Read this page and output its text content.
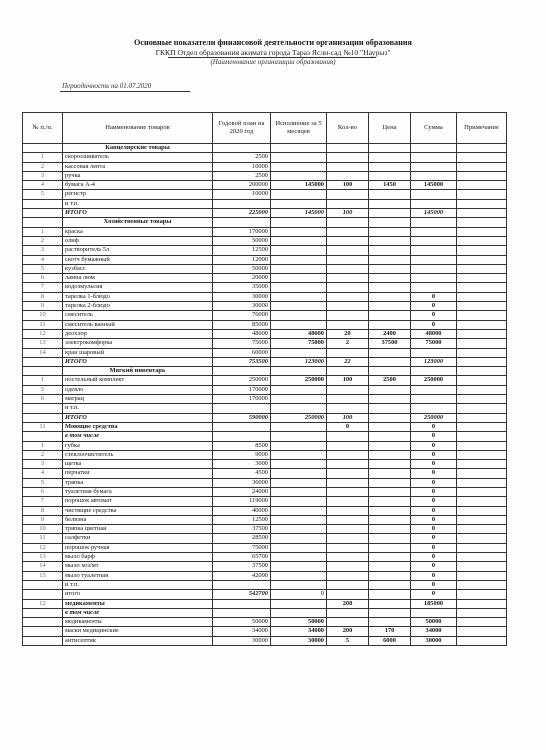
Основные показатели финансовой деятельности организации образования
ГККП Отдел образования акимата города Тараз Ясли-сад №10 "Наурыз"
(Наименование организации образования)
Периодичность на 01.07.2020
№ п./п.	Наименование товаров	Годовой план на 2020 год	Исполнение за 5 месяцев	Кол-во	Цена	Сумма	Примечание
	Канцелярские товары						
1	скоросшиватель	2500					
2	кассовая лента	10000					
3	ручка	2500					
4	бумага А-4	200000	145000	100	1450	145000	
5	регистр	10000					
	и т.п.						
	ИТОГО	225000	145000	100		145000	
	Хозяйственные товары						
1	краска	170000					
2	олиф	50000					
3	растворитель 5л	12500					
4	скотч бумажный	12000					
5	кузбасс	50000					
6	лампа люм	20000					
7	водоэмульсия	35000					
8	тарелка 1-блюдо	30000				0	
9	тарелка 2-блюдо	30000				0	
10	смеситель	76000				0	
11	смеситель ванный	85000				0	
12	деохлор	48000	48000	20	2400	48000	
13	электрокомфорка	75000	75000	2	37500	75000	
14	кран шаровый	60000					
	ИТОГО	753500	123000	22		123000	
	Мягкий инвентарь						
1	постельный комплект	250000	250000	100	2500	250000	
5	одеяло	170000					
6	матрац	170000					
	и т.п.						
	ИТОГО	590000	250000	100		250000	
11	Моющие средства			0		0	
	в том числе					0	
1	губка	8500				0	
2	стеклоочиститель	9000				0	
3	щетка	3000				0	
4	перчатки	4500				0	
5	тряпка	36000				0	
6	туалетная бумага	24000				0	
7	порошок автомат	119000				0	
8	чистящие средства	40000				0	
9	белизна	12500				0	
10	тряпка цветная	37500				0	
11	салфетки	28500				0	
12	порошок ручная	75000				0	
13	мыло барф	65700				0	
14	мыло хоз/мт	37500				0	
15	мыло туалетная	42000				0	
	и т.п.					0	
	итого	542700	0			0	
12	медикаменты			208		185000	
	в том числе						
	медикаменты	50000	50000			50000	
	маски медицинские	34000	34000	200	170	34000	
	антисептик	30000	30000	5	6000	30000	
